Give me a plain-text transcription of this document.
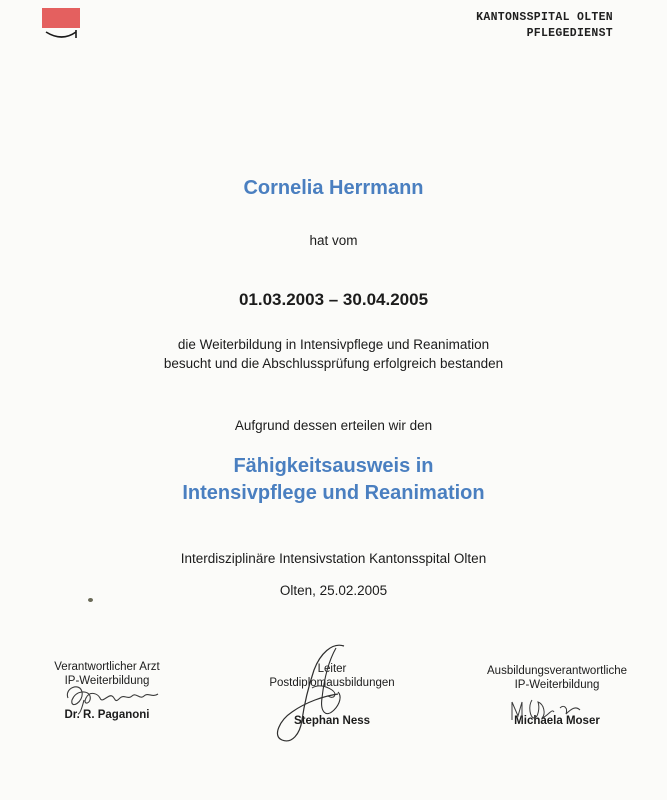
KANTONSSPITAL OLTEN
PFLEGEDIENST
Cornelia Herrmann
hat vom
01.03.2003 – 30.04.2005
die Weiterbildung in Intensivpflege und Reanimation
besucht und die Abschlussprüfung erfolgreich bestanden
Aufgrund dessen erteilen wir den
Fähigkeitsausweis in
Intensivpflege und Reanimation
Interdisziplinäre Intensivstation Kantonsspital Olten
Olten, 25.02.2005
Verantwortlicher Arzt
IP-Weiterbildung
Dr. R. Paganoni
Leiter
Postdiplomausbildungen
Stephan Ness
Ausbildungsverantwortliche
IP-Weiterbildung
Michaela Moser
